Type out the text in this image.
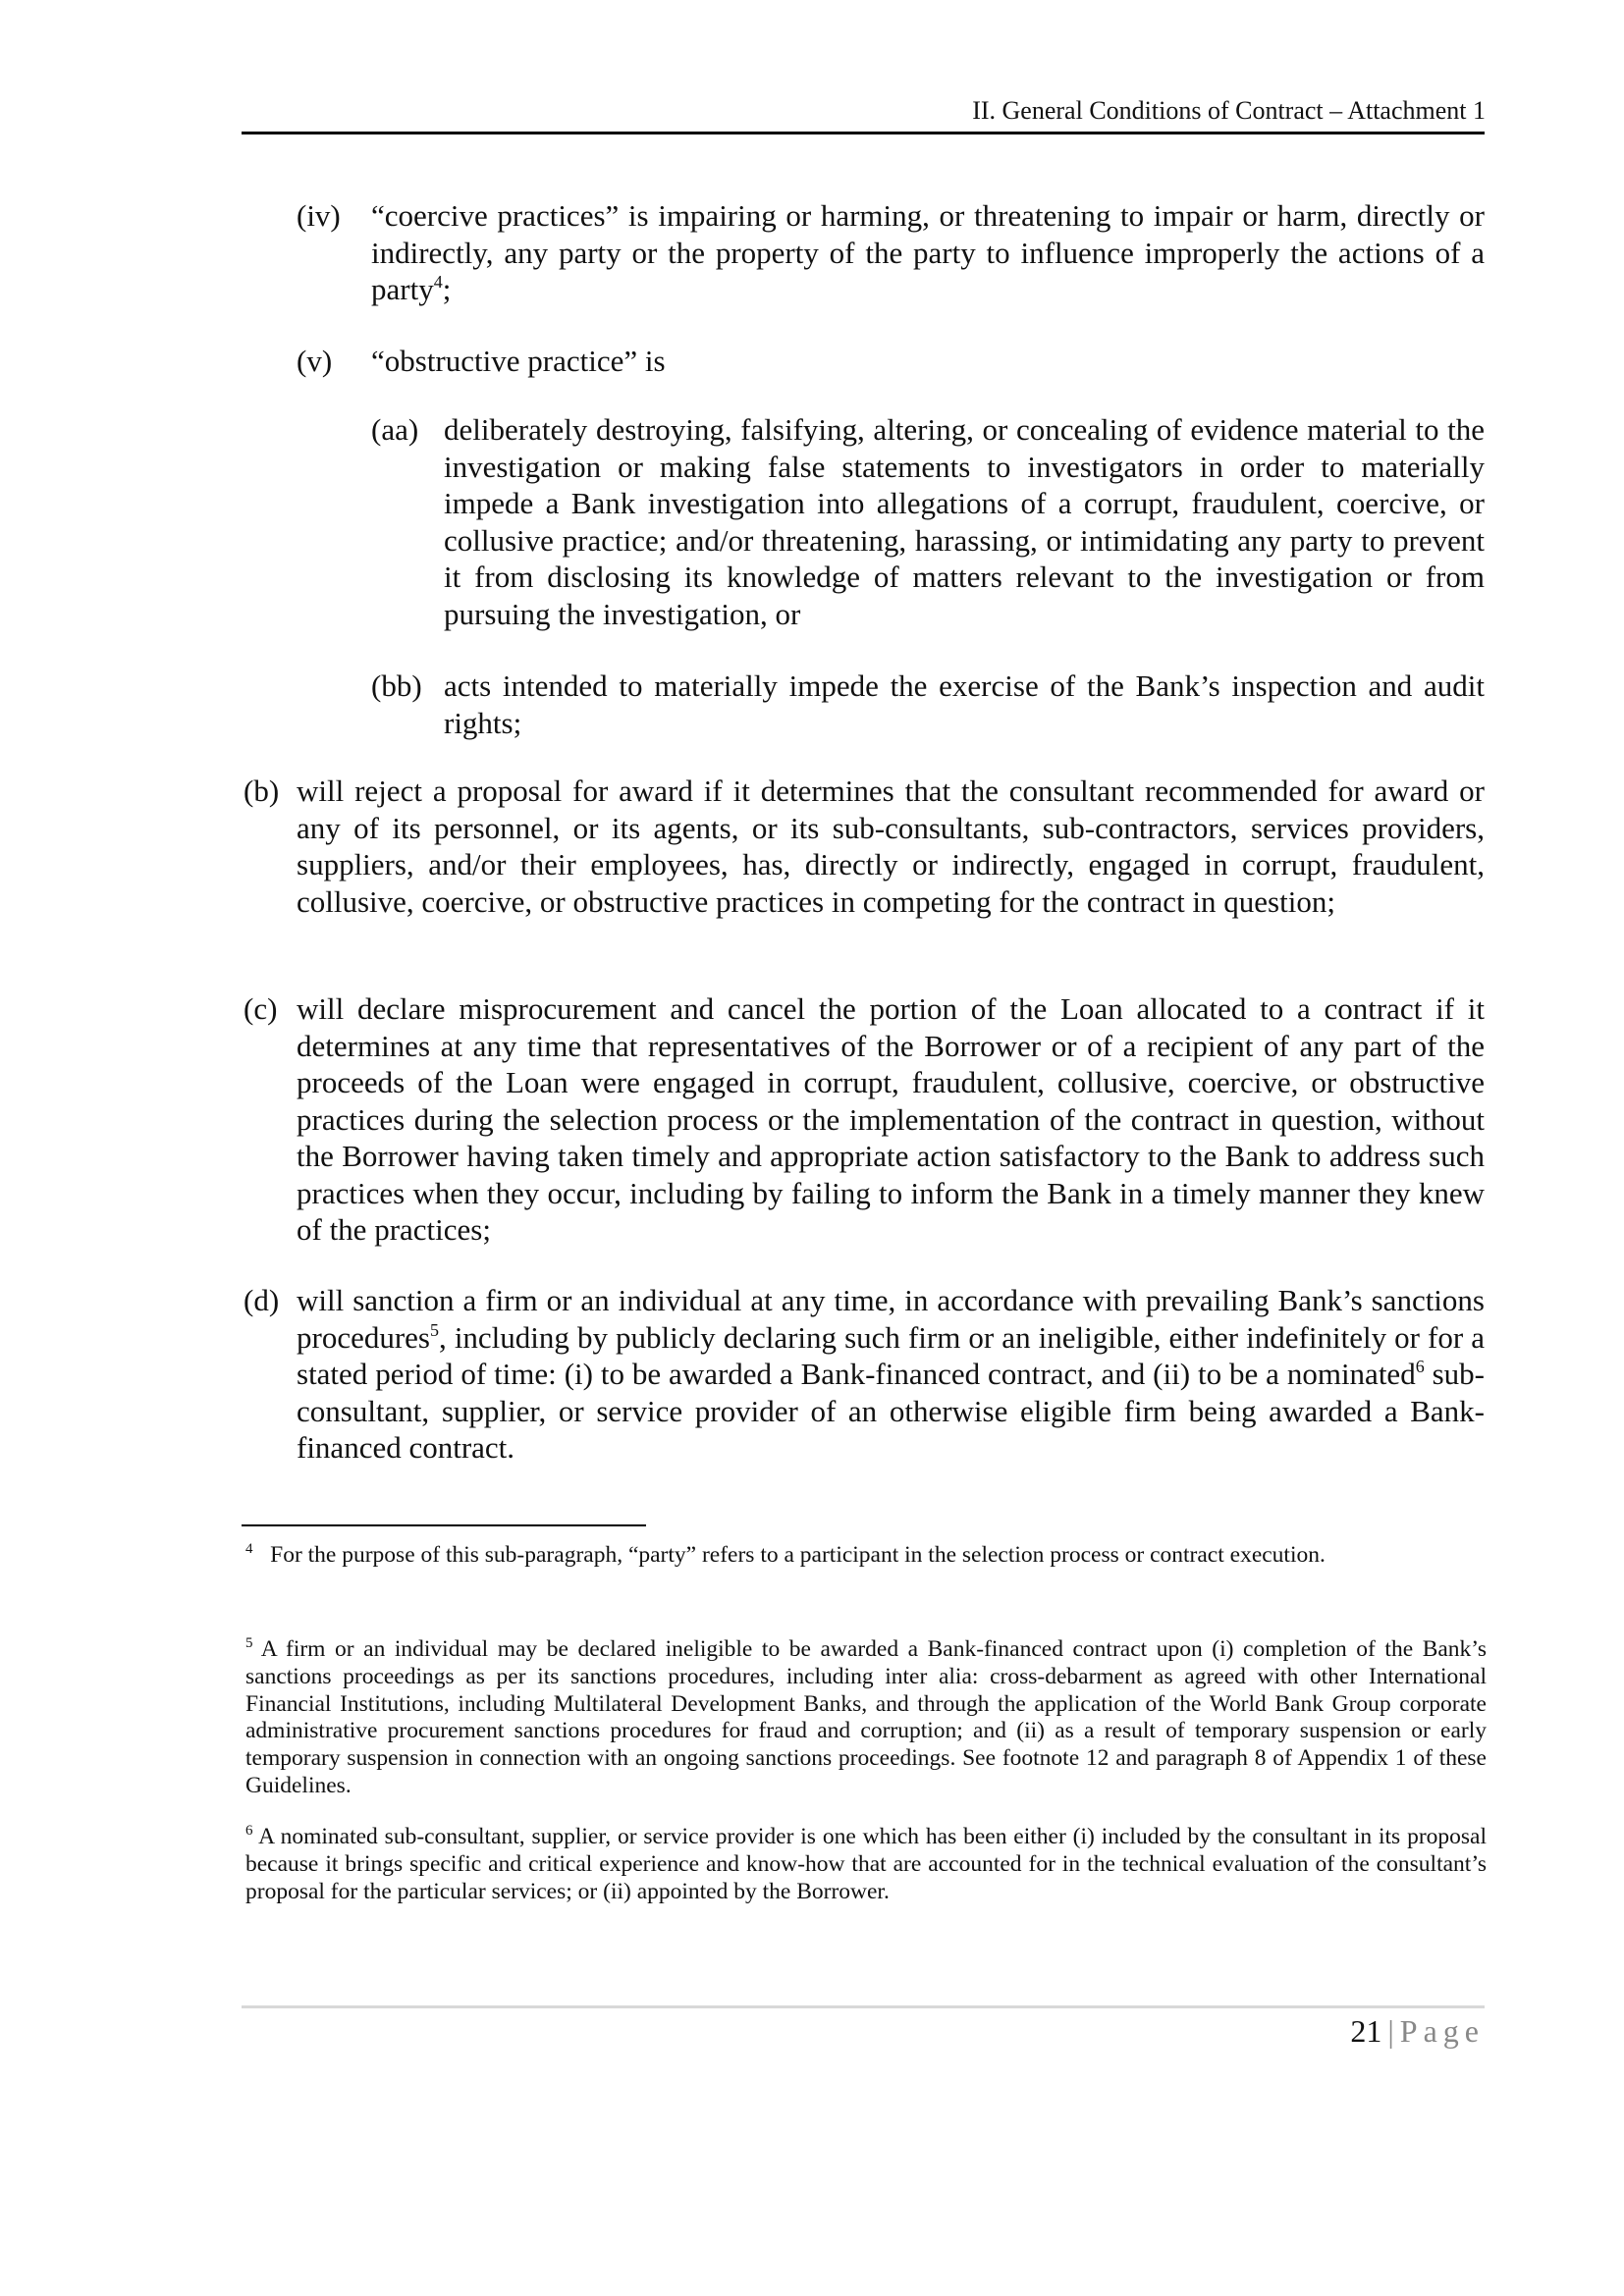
II. General Conditions of Contract – Attachment 1
(iv) “coercive practices” is impairing or harming, or threatening to impair or harm, directly or indirectly, any party or the property of the party to influence improperly the actions of a party$^4$;
(v) “obstructive practice” is
(aa) deliberately destroying, falsifying, altering, or concealing of evidence material to the investigation or making false statements to investigators in order to materially impede a Bank investigation into allegations of a corrupt, fraudulent, coercive, or collusive practice; and/or threatening, harassing, or intimidating any party to prevent it from disclosing its knowledge of matters relevant to the investigation or from pursuing the investigation, or
(bb) acts intended to materially impede the exercise of the Bank’s inspection and audit rights;
(b) will reject a proposal for award if it determines that the consultant recommended for award or any of its personnel, or its agents, or its sub-consultants, sub-contractors, services providers, suppliers, and/or their employees, has, directly or indirectly, engaged in corrupt, fraudulent, collusive, coercive, or obstructive practices in competing for the contract in question;
(c) will declare misprocurement and cancel the portion of the Loan allocated to a contract if it determines at any time that representatives of the Borrower or of a recipient of any part of the proceeds of the Loan were engaged in corrupt, fraudulent, collusive, coercive, or obstructive practices during the selection process or the implementation of the contract in question, without the Borrower having taken timely and appropriate action satisfactory to the Bank to address such practices when they occur, including by failing to inform the Bank in a timely manner they knew of the practices;
(d) will sanction a firm or an individual at any time, in accordance with prevailing Bank’s sanctions procedures$^5$, including by publicly declaring such firm or an ineligible, either indefinitely or for a stated period of time: (i) to be awarded a Bank-financed contract, and (ii) to be a nominated$^6$ sub-consultant, supplier, or service provider of an otherwise eligible firm being awarded a Bank-financed contract.
$^4$ For the purpose of this sub-paragraph, “party” refers to a participant in the selection process or contract execution.
$^5$ A firm or an individual may be declared ineligible to be awarded a Bank-financed contract upon (i) completion of the Bank’s sanctions proceedings as per its sanctions procedures, including inter alia: cross-debarment as agreed with other International Financial Institutions, including Multilateral Development Banks, and through the application of the World Bank Group corporate administrative procurement sanctions procedures for fraud and corruption; and (ii) as a result of temporary suspension or early temporary suspension in connection with an ongoing sanctions proceedings. See footnote 12 and paragraph 8 of Appendix 1 of these Guidelines.
$^6$ A nominated sub-consultant, supplier, or service provider is one which has been either (i) included by the consultant in its proposal because it brings specific and critical experience and know-how that are accounted for in the technical evaluation of the consultant’s proposal for the particular services; or (ii) appointed by the Borrower.
21 | Page
